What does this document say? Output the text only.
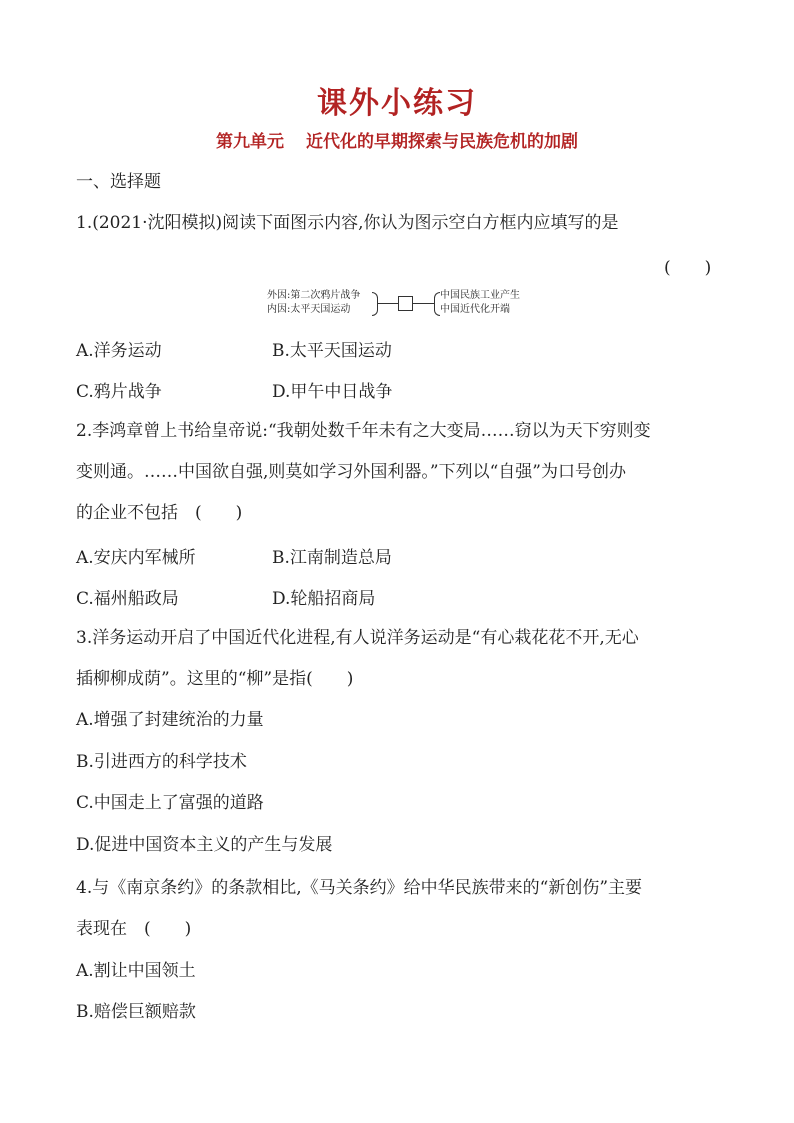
课外小练习
第九单元 近代化的早期探索与民族危机的加剧
一、选择题
1.(2021·沈阳模拟)阅读下面图示内容,你认为图示空白方框内应填写的是
(　　)
外因:第二次鸦片战争
内因:太平天国运动
中国民族工业产生
中国近代化开端
A.洋务运动	B.太平天国运动
C.鸦片战争	D.甲午中日战争
2.李鸿章曾上书给皇帝说:“我朝处数千年未有之大变局……窃以为天下穷则变
变则通。……中国欲自强,则莫如学习外国利器。”下列以“自强”为口号创办
的企业不包括　(　　)
A.安庆内军械所	B.江南制造总局
C.福州船政局	D.轮船招商局
3.洋务运动开启了中国近代化进程,有人说洋务运动是“有心栽花花不开,无心
插柳柳成荫”。这里的“柳”是指(　　)
A.增强了封建统治的力量
B.引进西方的科学技术
C.中国走上了富强的道路
D.促进中国资本主义的产生与发展
4.与《南京条约》的条款相比,《马关条约》给中华民族带来的“新创伤”主要
表现在　(　　)
A.割让中国领土
B.赔偿巨额赔款
